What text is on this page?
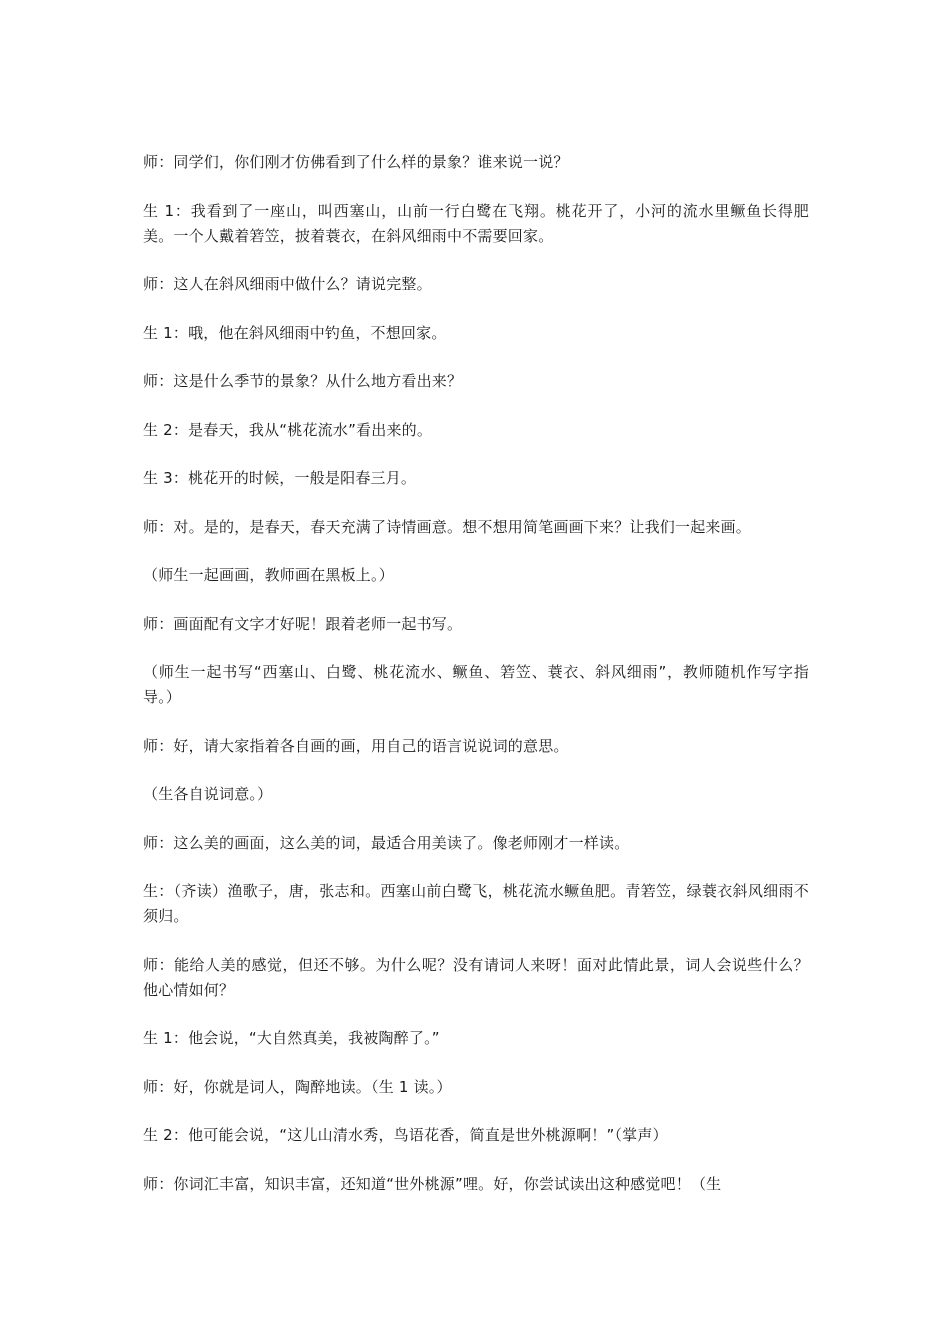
师：同学们，你们刚才仿佛看到了什么样的景象？谁来说一说？

生 1：我看到了一座山，叫西塞山，山前一行白鹭在飞翔。桃花开了，小河的流水里鳜鱼长得肥美。一个人戴着箬笠，披着蓑衣，在斜风细雨中不需要回家。

师：这人在斜风细雨中做什么？请说完整。

生 1：哦，他在斜风细雨中钓鱼，不想回家。

师：这是什么季节的景象？从什么地方看出来？

生 2：是春天，我从“桃花流水”看出来的。

生 3：桃花开的时候，一般是阳春三月。

师：对。是的，是春天，春天充满了诗情画意。想不想用简笔画画下来？让我们一起来画。

（师生一起画画，教师画在黑板上。）

师：画面配有文字才好呢！跟着老师一起书写。

（师生一起书写“西塞山、白鹭、桃花流水、鳜鱼、箬笠、蓑衣、斜风细雨”，教师随机作写字指导。）

师：好，请大家指着各自画的画，用自己的语言说说词的意思。

（生各自说词意。）

师：这么美的画面，这么美的词，最适合用美读了。像老师刚才一样读。

生：（齐读）渔歌子，唐，张志和。西塞山前白鹭飞，桃花流水鳜鱼肥。青箬笠，绿蓑衣斜风细雨不须归。

师：能给人美的感觉，但还不够。为什么呢？没有请词人来呀！面对此情此景，词人会说些什么？他心情如何？

生 1：他会说，“大自然真美，我被陶醉了。”

师：好，你就是词人，陶醉地读。（生 1 读。）

生 2：他可能会说，“这儿山清水秀，鸟语花香，简直是世外桃源啊！”（掌声）

师：你词汇丰富，知识丰富，还知道“世外桃源”哩。好，你尝试读出这种感觉吧！（生
